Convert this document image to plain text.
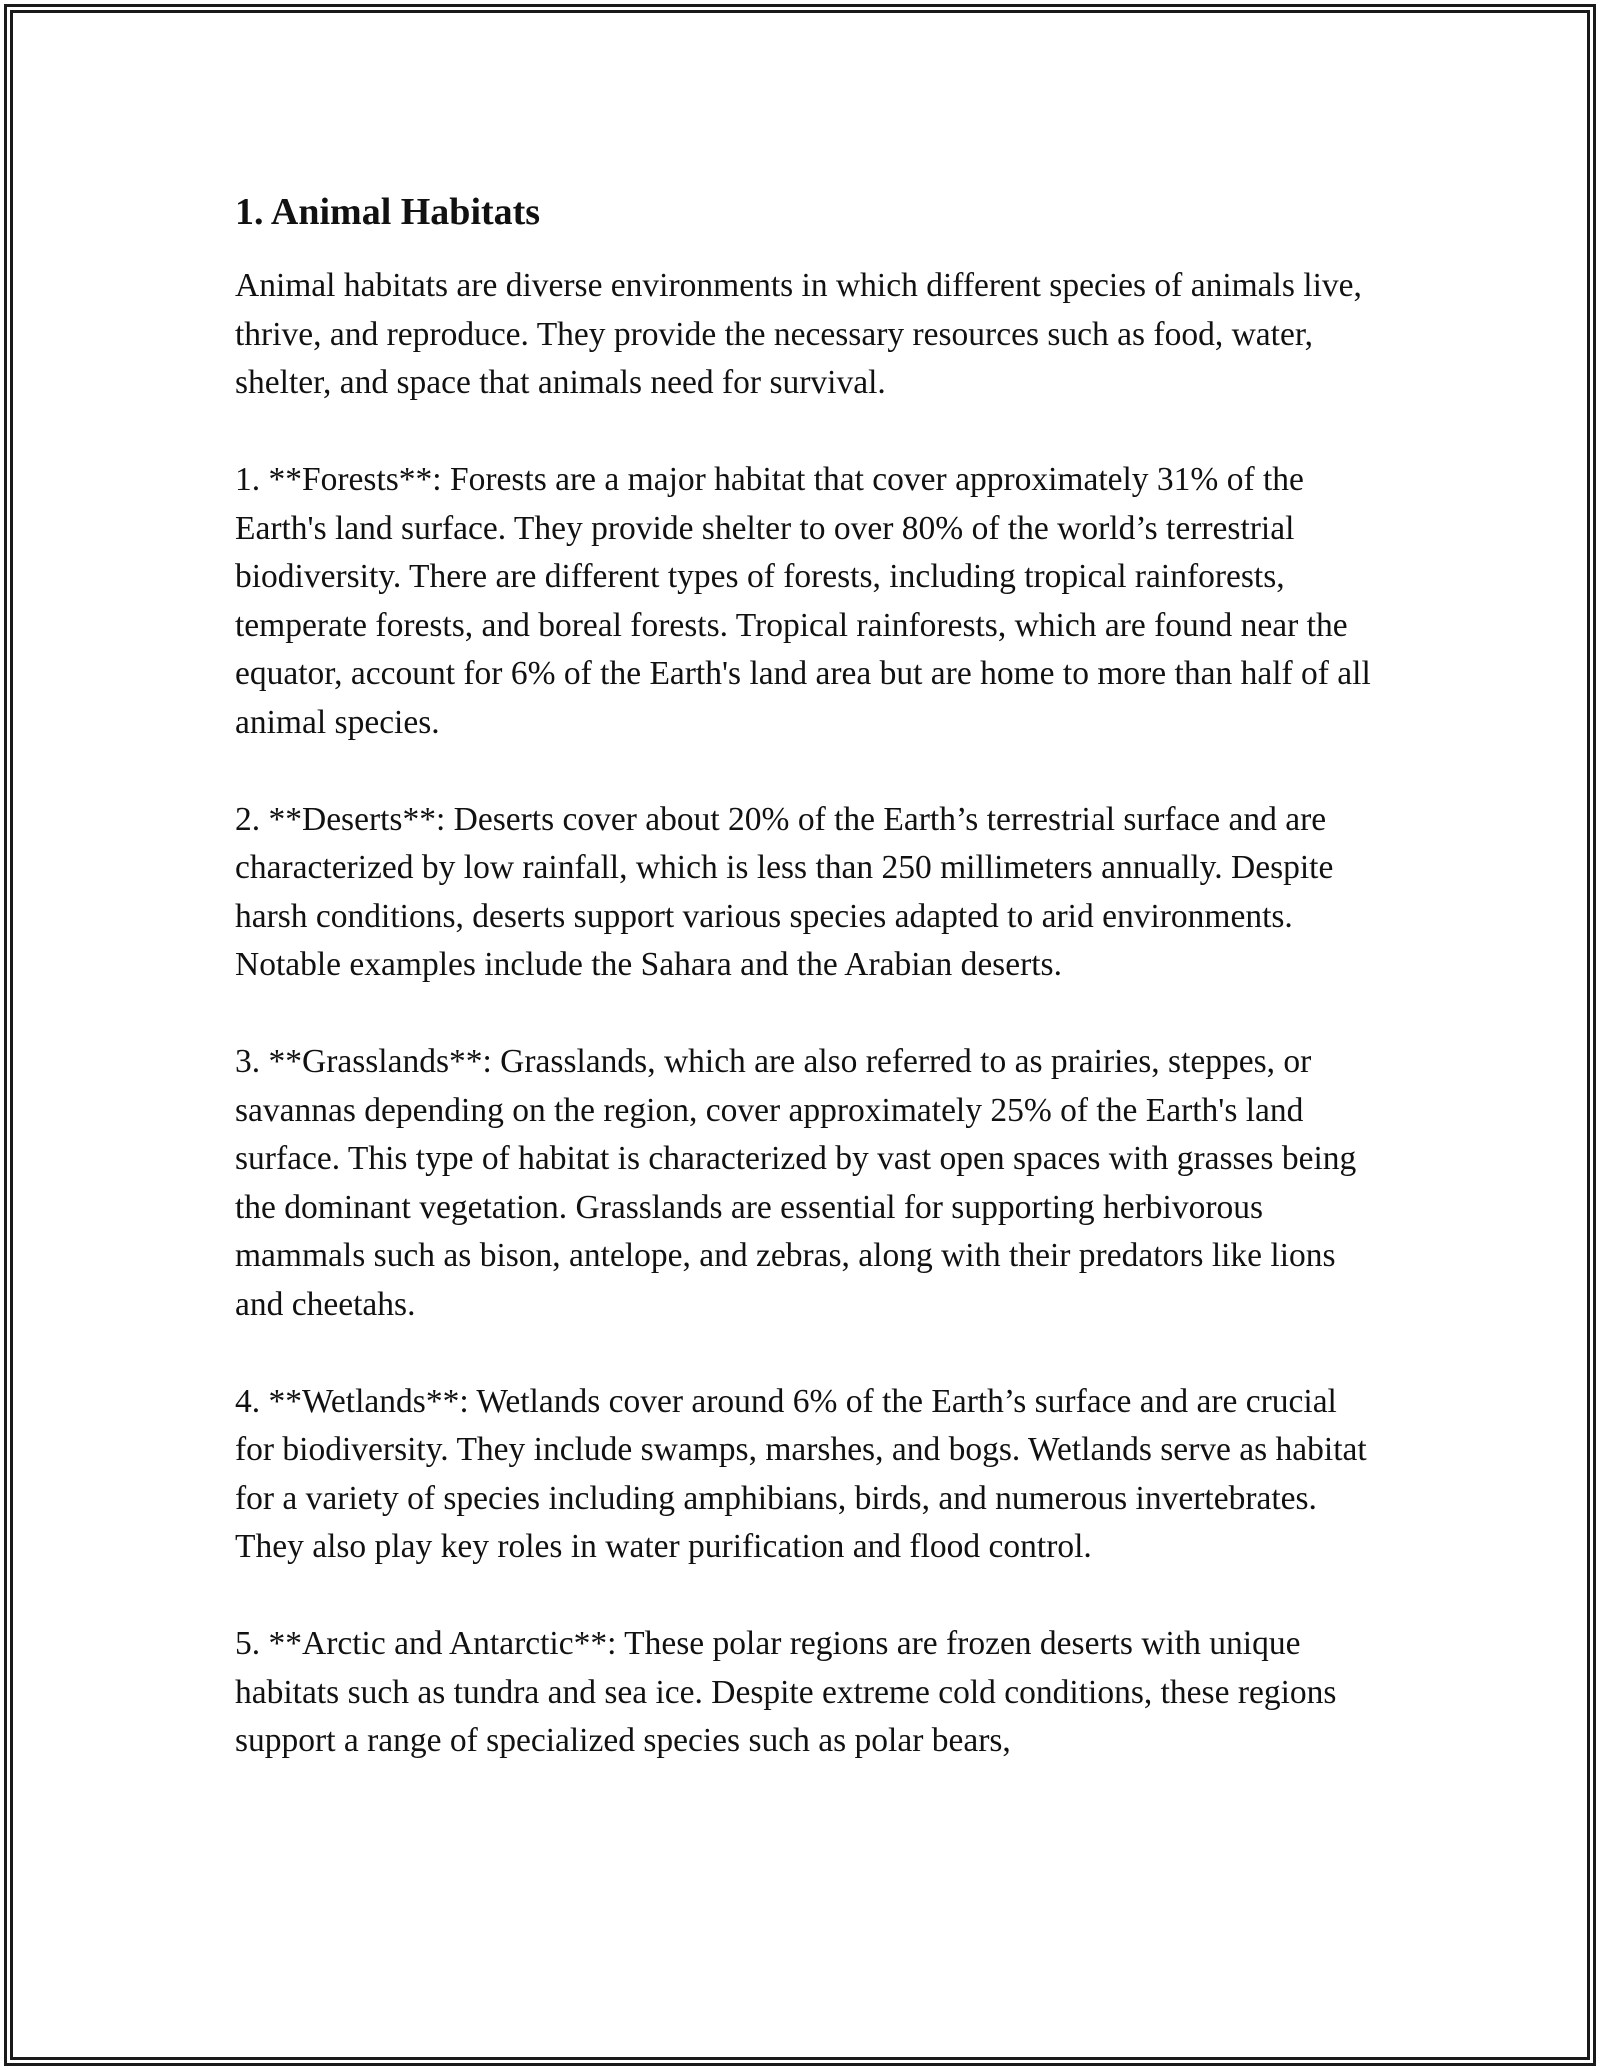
1. Animal Habitats

Animal habitats are diverse environments in which different species of animals live, thrive, and reproduce. They provide the necessary resources such as food, water, shelter, and space that animals need for survival.

1. **Forests**: Forests are a major habitat that cover approximately 31% of the Earth's land surface. They provide shelter to over 80% of the world’s terrestrial biodiversity. There are different types of forests, including tropical rainforests, temperate forests, and boreal forests. Tropical rainforests, which are found near the equator, account for 6% of the Earth's land area but are home to more than half of all animal species.

2. **Deserts**: Deserts cover about 20% of the Earth’s terrestrial surface and are characterized by low rainfall, which is less than 250 millimeters annually. Despite harsh conditions, deserts support various species adapted to arid environments. Notable examples include the Sahara and the Arabian deserts.

3. **Grasslands**: Grasslands, which are also referred to as prairies, steppes, or savannas depending on the region, cover approximately 25% of the Earth's land surface. This type of habitat is characterized by vast open spaces with grasses being the dominant vegetation. Grasslands are essential for supporting herbivorous mammals such as bison, antelope, and zebras, along with their predators like lions and cheetahs.

4. **Wetlands**: Wetlands cover around 6% of the Earth’s surface and are crucial for biodiversity. They include swamps, marshes, and bogs. Wetlands serve as habitat for a variety of species including amphibians, birds, and numerous invertebrates. They also play key roles in water purification and flood control.

5. **Arctic and Antarctic**: These polar regions are frozen deserts with unique habitats such as tundra and sea ice. Despite extreme cold conditions, these regions support a range of specialized species such as polar bears,
